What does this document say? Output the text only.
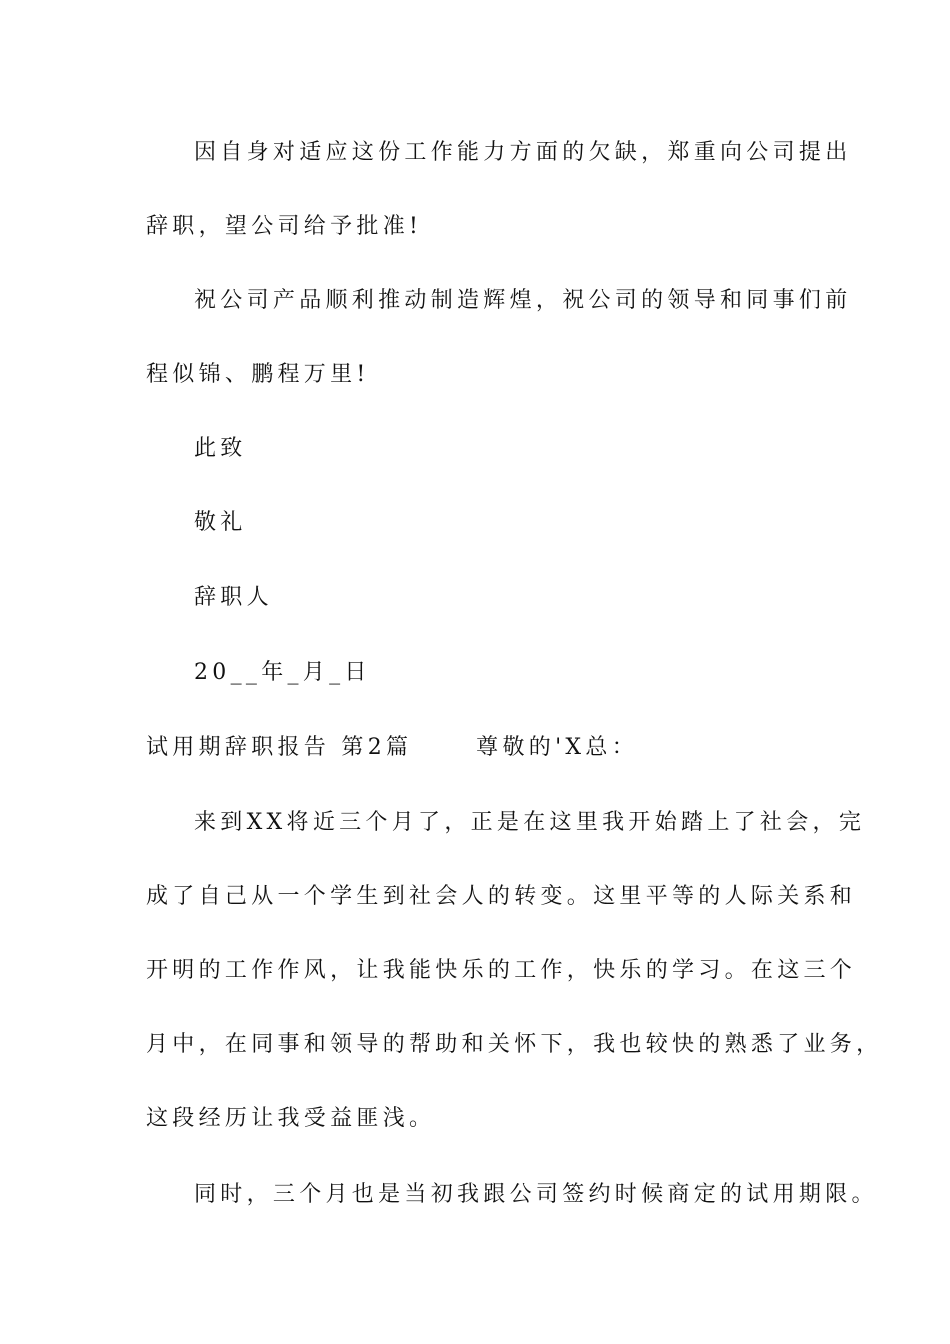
因自身对适应这份工作能力方面的欠缺，郑重向公司提出
辞职，望公司给予批准!
祝公司产品顺利推动制造辉煌，祝公司的领导和同事们前
程似锦、鹏程万里!
此致
敬礼
辞职人
20__年_月_日
试用期辞职报告 第2篇　　 尊敬的'X总：
来到XX将近三个月了，正是在这里我开始踏上了社会，完
成了自己从一个学生到社会人的转变。这里平等的人际关系和
开明的工作作风，让我能快乐的工作，快乐的学习。在这三个
月中，在同事和领导的帮助和关怀下，我也较快的熟悉了业务，
这段经历让我受益匪浅。
同时，三个月也是当初我跟公司签约时候商定的试用期限。
